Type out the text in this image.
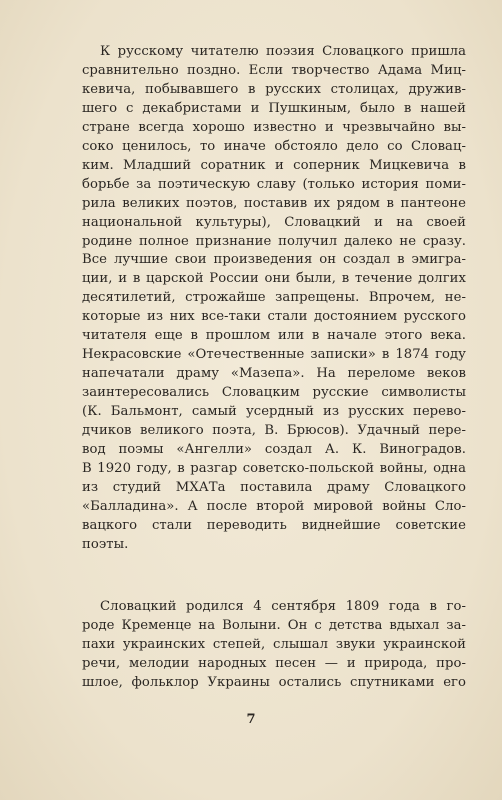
К русскому читателю поэзия Словацкого пришла
сравнительно поздно. Если творчество Адама Миц-
кевича, побывавшего в русских столицах, дружив-
шего с декабристами и Пушкиным, было в нашей
стране всегда хорошо известно и чрезвычайно вы-
соко ценилось, то иначе обстояло дело со Словац-
ким. Младший соратник и соперник Мицкевича в
борьбе за поэтическую славу (только история поми-
рила великих поэтов, поставив их рядом в пантеоне
национальной культуры), Словацкий и на своей
родине полное признание получил далеко не сразу.
Все лучшие свои произведения он создал в эмигра-
ции, и в царской России они были, в течение долгих
десятилетий, строжайше запрещены. Впрочем, не-
которые из них все-таки стали достоянием русского
читателя еще в прошлом или в начале этого века.
Некрасовские «Отечественные записки» в 1874 году
напечатали драму «Мазепа». На переломе веков
заинтересовались Словацким русские символисты
(К. Бальмонт, самый усердный из русских перево-
дчиков великого поэта, В. Брюсов). Удачный пере-
вод поэмы «Ангелли» создал А. К. Виноградов.
В 1920 году, в разгар советско-польской войны, одна
из студий МХАТа поставила драму Словацкого
«Балладина». А после второй мировой войны Сло-
вацкого стали переводить виднейшие советские
поэты.
Словацкий родился 4 сентября 1809 года в го-
роде Кременце на Волыни. Он с детства вдыхал за-
пахи украинских степей, слышал звуки украинской
речи, мелодии народных песен — и природа, про-
шлое, фольклор Украины остались спутниками его
7
